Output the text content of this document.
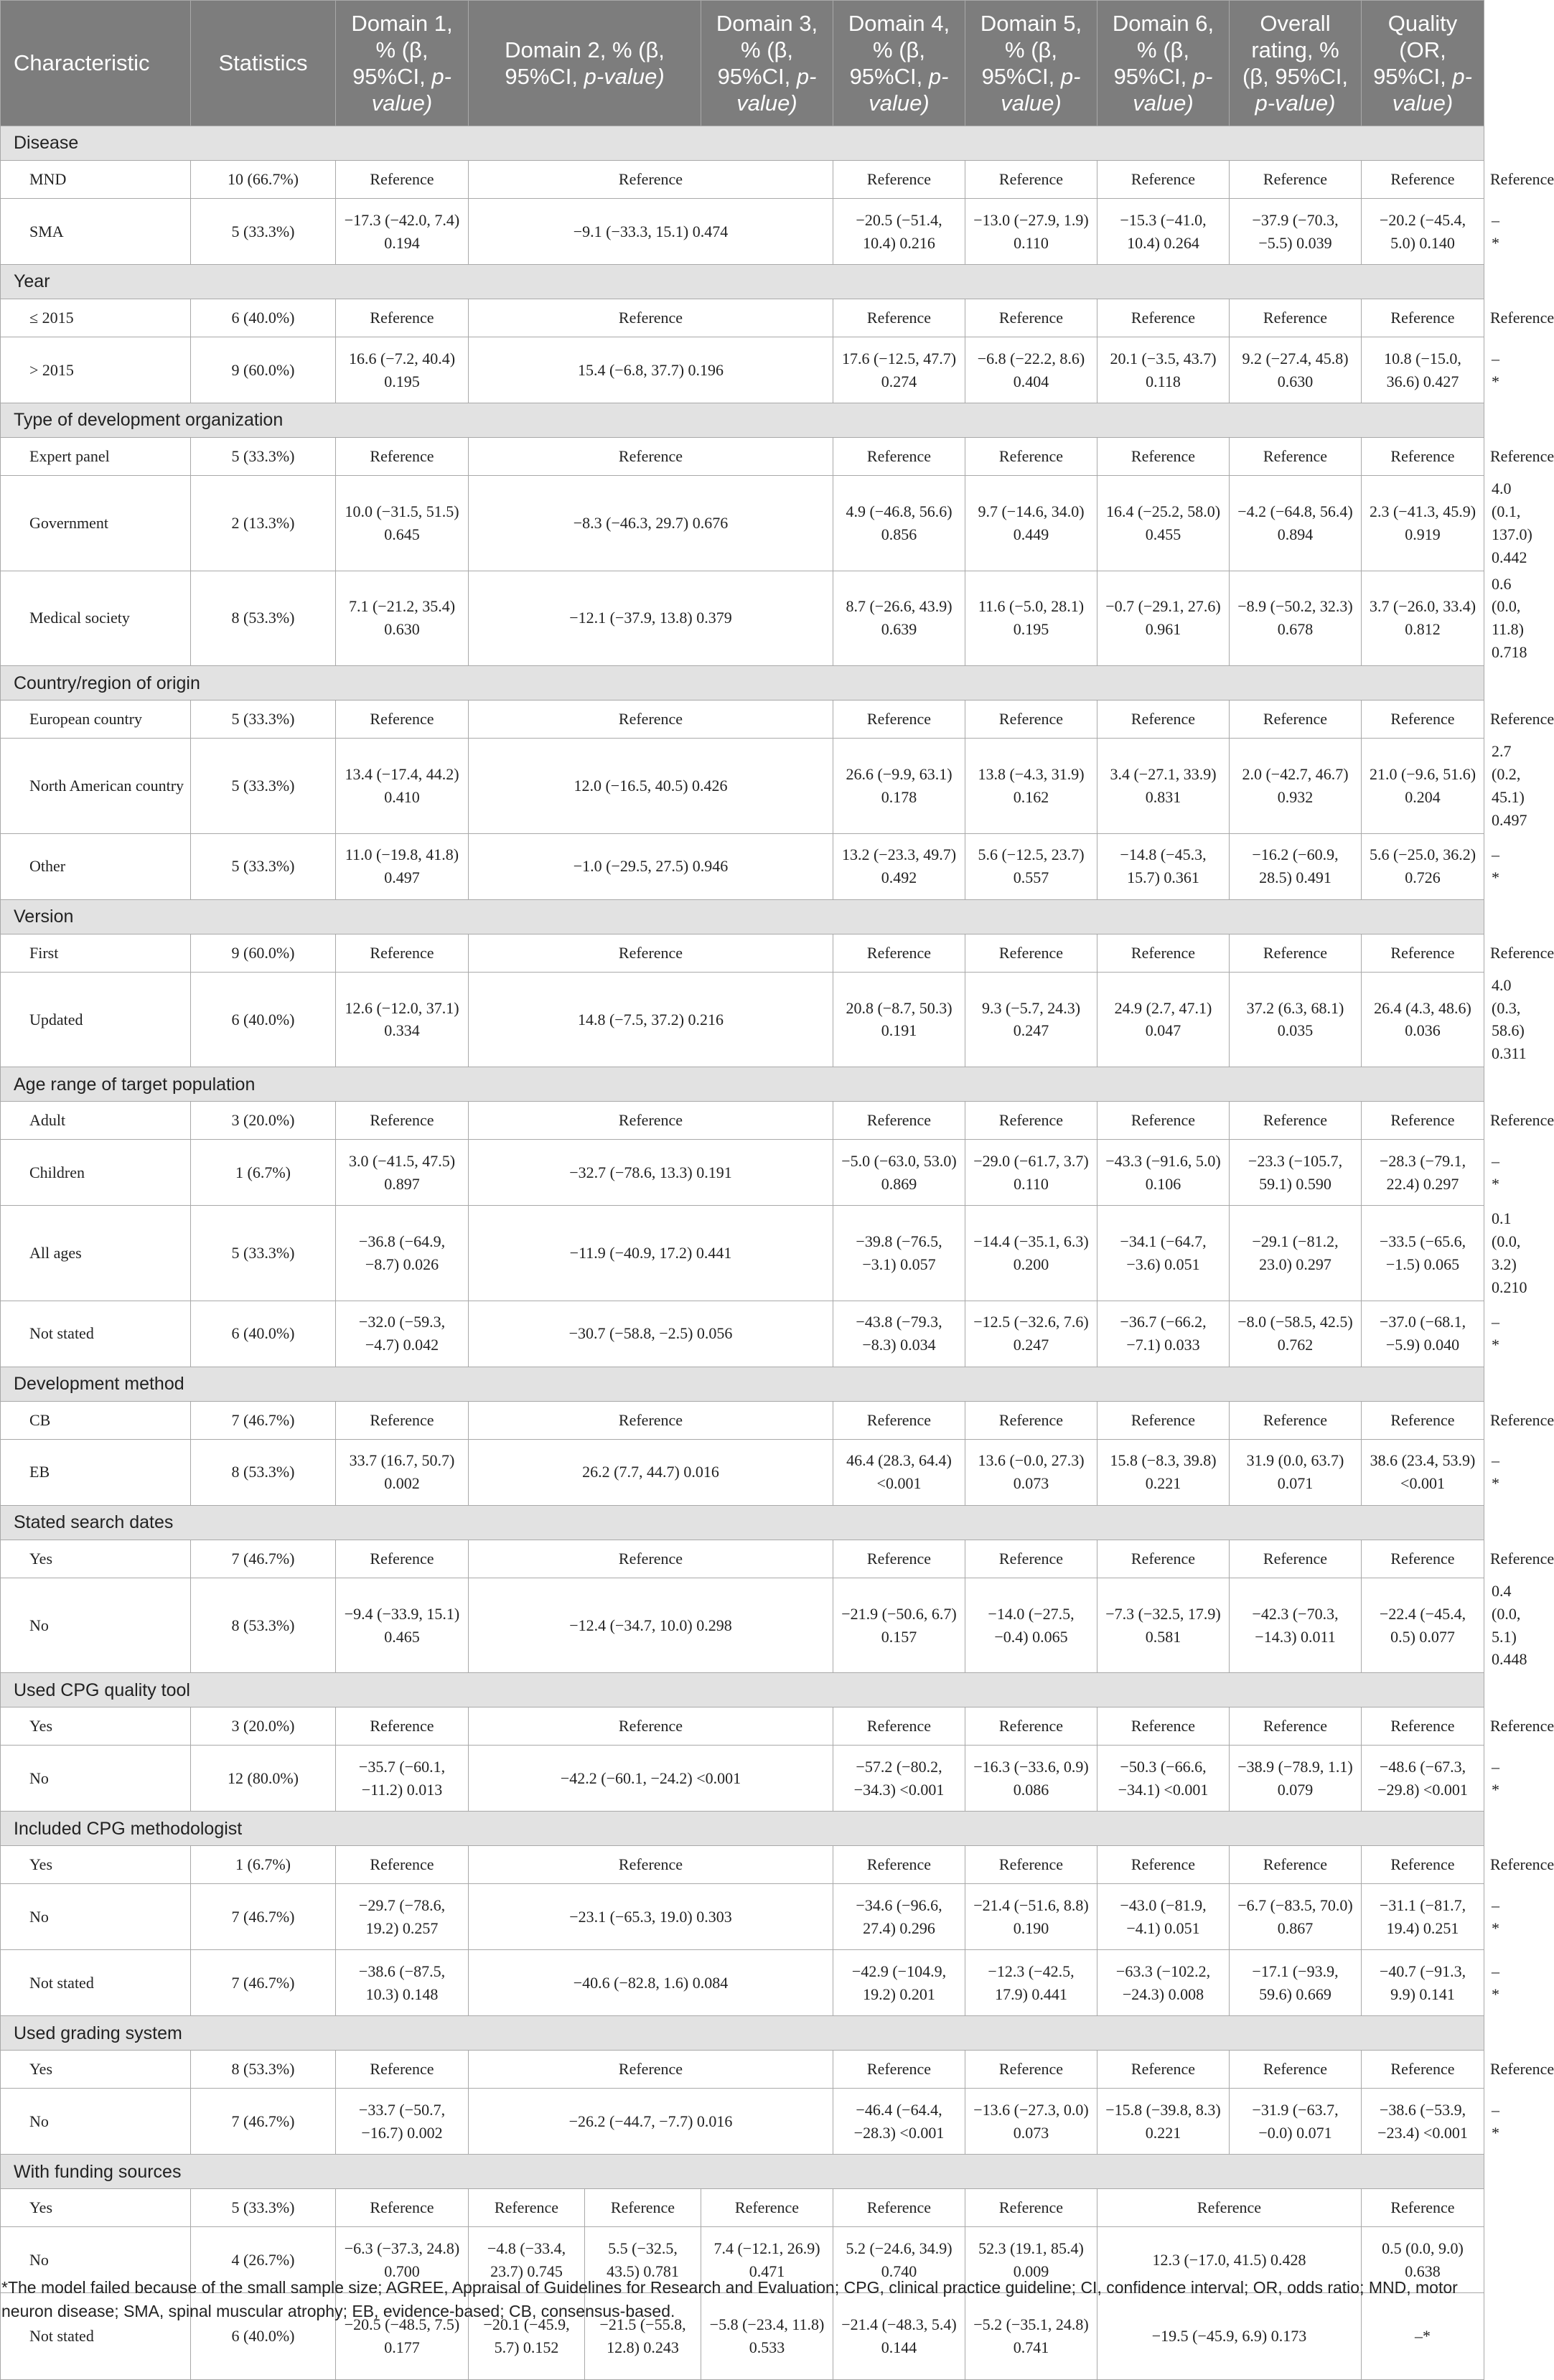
Characteristic	Statistics	Domain 1, % (β, 95%CI, p-value)	Domain 2, % (β, 95%CI, p-value)		Domain 3, % (β, 95%CI, p-value)	Domain 4, % (β, 95%CI, p-value)	Domain 5, % (β, 95%CI, p-value)	Domain 6, % (β, 95%CI, p-value)	Overall rating, % (β, 95%CI, p-value)	Quality (OR, 95%CI, p-value)	
Disease											
MND	10 (66.7%)	Reference	Reference			Reference	Reference	Reference	Reference	Reference	Reference
SMA	5 (33.3%)	−17.3 (−42.0, 7.4) 0.194	−9.1 (−33.3, 15.1) 0.474			−20.5 (−51.4, 10.4) 0.216	−13.0 (−27.9, 1.9) 0.110	−15.3 (−41.0, 10.4) 0.264	−37.9 (−70.3, −5.5) 0.039	−20.2 (−45.4, 5.0) 0.140	–*
Year											
≤ 2015	6 (40.0%)	Reference	Reference			Reference	Reference	Reference	Reference	Reference	Reference
> 2015	9 (60.0%)	16.6 (−7.2, 40.4) 0.195	15.4 (−6.8, 37.7) 0.196			17.6 (−12.5, 47.7) 0.274	−6.8 (−22.2, 8.6) 0.404	20.1 (−3.5, 43.7) 0.118	9.2 (−27.4, 45.8) 0.630	10.8 (−15.0, 36.6) 0.427	–*
Type of development organization											
Expert panel	5 (33.3%)	Reference	Reference			Reference	Reference	Reference	Reference	Reference	Reference
Government	2 (13.3%)	10.0 (−31.5, 51.5) 0.645	−8.3 (−46.3, 29.7) 0.676			4.9 (−46.8, 56.6) 0.856	9.7 (−14.6, 34.0) 0.449	16.4 (−25.2, 58.0) 0.455	−4.2 (−64.8, 56.4) 0.894	2.3 (−41.3, 45.9) 0.919	4.0 (0.1, 137.0) 0.442
Medical society	8 (53.3%)	7.1 (−21.2, 35.4) 0.630	−12.1 (−37.9, 13.8) 0.379			8.7 (−26.6, 43.9) 0.639	11.6 (−5.0, 28.1) 0.195	−0.7 (−29.1, 27.6) 0.961	−8.9 (−50.2, 32.3) 0.678	3.7 (−26.0, 33.4) 0.812	0.6 (0.0, 11.8) 0.718
Country/region of origin											
European country	5 (33.3%)	Reference	Reference			Reference	Reference	Reference	Reference	Reference	Reference
North American country	5 (33.3%)	13.4 (−17.4, 44.2) 0.410	12.0 (−16.5, 40.5) 0.426			26.6 (−9.9, 63.1) 0.178	13.8 (−4.3, 31.9) 0.162	3.4 (−27.1, 33.9) 0.831	2.0 (−42.7, 46.7) 0.932	21.0 (−9.6, 51.6) 0.204	2.7 (0.2, 45.1) 0.497
Other	5 (33.3%)	11.0 (−19.8, 41.8) 0.497	−1.0 (−29.5, 27.5) 0.946			13.2 (−23.3, 49.7) 0.492	5.6 (−12.5, 23.7) 0.557	−14.8 (−45.3, 15.7) 0.361	−16.2 (−60.9, 28.5) 0.491	5.6 (−25.0, 36.2) 0.726	–*
Version											
First	9 (60.0%)	Reference	Reference			Reference	Reference	Reference	Reference	Reference	Reference
Updated	6 (40.0%)	12.6 (−12.0, 37.1) 0.334	14.8 (−7.5, 37.2) 0.216			20.8 (−8.7, 50.3) 0.191	9.3 (−5.7, 24.3) 0.247	24.9 (2.7, 47.1) 0.047	37.2 (6.3, 68.1) 0.035	26.4 (4.3, 48.6) 0.036	4.0 (0.3, 58.6) 0.311
Age range of target population											
Adult	3 (20.0%)	Reference	Reference			Reference	Reference	Reference	Reference	Reference	Reference
Children	1 (6.7%)	3.0 (−41.5, 47.5) 0.897	−32.7 (−78.6, 13.3) 0.191			−5.0 (−63.0, 53.0) 0.869	−29.0 (−61.7, 3.7) 0.110	−43.3 (−91.6, 5.0) 0.106	−23.3 (−105.7, 59.1) 0.590	−28.3 (−79.1, 22.4) 0.297	–*
All ages	5 (33.3%)	−36.8 (−64.9, −8.7) 0.026	−11.9 (−40.9, 17.2) 0.441			−39.8 (−76.5, −3.1) 0.057	−14.4 (−35.1, 6.3) 0.200	−34.1 (−64.7, −3.6) 0.051	−29.1 (−81.2, 23.0) 0.297	−33.5 (−65.6, −1.5) 0.065	0.1 (0.0, 3.2) 0.210
Not stated	6 (40.0%)	−32.0 (−59.3, −4.7) 0.042	−30.7 (−58.8, −2.5) 0.056			−43.8 (−79.3, −8.3) 0.034	−12.5 (−32.6, 7.6) 0.247	−36.7 (−66.2, −7.1) 0.033	−8.0 (−58.5, 42.5) 0.762	−37.0 (−68.1, −5.9) 0.040	–*
Development method											
CB	7 (46.7%)	Reference	Reference			Reference	Reference	Reference	Reference	Reference	Reference
EB	8 (53.3%)	33.7 (16.7, 50.7) 0.002	26.2 (7.7, 44.7) 0.016			46.4 (28.3, 64.4) <0.001	13.6 (−0.0, 27.3) 0.073	15.8 (−8.3, 39.8) 0.221	31.9 (0.0, 63.7) 0.071	38.6 (23.4, 53.9) <0.001	–*
Stated search dates											
Yes	7 (46.7%)	Reference	Reference			Reference	Reference	Reference	Reference	Reference	Reference
No	8 (53.3%)	−9.4 (−33.9, 15.1) 0.465	−12.4 (−34.7, 10.0) 0.298			−21.9 (−50.6, 6.7) 0.157	−14.0 (−27.5, −0.4) 0.065	−7.3 (−32.5, 17.9) 0.581	−42.3 (−70.3, −14.3) 0.011	−22.4 (−45.4, 0.5) 0.077	0.4 (0.0, 5.1) 0.448
Used CPG quality tool											
Yes	3 (20.0%)	Reference	Reference			Reference	Reference	Reference	Reference	Reference	Reference
No	12 (80.0%)	−35.7 (−60.1, −11.2) 0.013	−42.2 (−60.1, −24.2) <0.001			−57.2 (−80.2, −34.3) <0.001	−16.3 (−33.6, 0.9) 0.086	−50.3 (−66.6, −34.1) <0.001	−38.9 (−78.9, 1.1) 0.079	−48.6 (−67.3, −29.8) <0.001	–*
Included CPG methodologist											
Yes	1 (6.7%)	Reference	Reference			Reference	Reference	Reference	Reference	Reference	Reference
No	7 (46.7%)	−29.7 (−78.6, 19.2) 0.257	−23.1 (−65.3, 19.0) 0.303			−34.6 (−96.6, 27.4) 0.296	−21.4 (−51.6, 8.8) 0.190	−43.0 (−81.9, −4.1) 0.051	−6.7 (−83.5, 70.0) 0.867	−31.1 (−81.7, 19.4) 0.251	–*
Not stated	7 (46.7%)	−38.6 (−87.5, 10.3) 0.148	−40.6 (−82.8, 1.6) 0.084			−42.9 (−104.9, 19.2) 0.201	−12.3 (−42.5, 17.9) 0.441	−63.3 (−102.2, −24.3) 0.008	−17.1 (−93.9, 59.6) 0.669	−40.7 (−91.3, 9.9) 0.141	–*
Used grading system											
Yes	8 (53.3%)	Reference	Reference			Reference	Reference	Reference	Reference	Reference	Reference
No	7 (46.7%)	−33.7 (−50.7, −16.7) 0.002	−26.2 (−44.7, −7.7) 0.016			−46.4 (−64.4, −28.3) <0.001	−13.6 (−27.3, 0.0) 0.073	−15.8 (−39.8, 8.3) 0.221	−31.9 (−63.7, −0.0) 0.071	−38.6 (−53.9, −23.4) <0.001	–*
With funding sources											
Yes	5 (33.3%)	Reference	Reference	Reference	Reference	Reference	Reference	Reference		Reference	
No	4 (26.7%)	−6.3 (−37.3, 24.8) 0.700	−4.8 (−33.4, 23.7) 0.745	5.5 (−32.5, 43.5) 0.781	7.4 (−12.1, 26.9) 0.471	5.2 (−24.6, 34.9) 0.740	52.3 (19.1, 85.4) 0.009	12.3 (−17.0, 41.5) 0.428		0.5 (0.0, 9.0) 0.638	
Not stated	6 (40.0%)	−20.5 (−48.5, 7.5) 0.177	−20.1 (−45.9, 5.7) 0.152	−21.5 (−55.8, 12.8) 0.243	−5.8 (−23.4, 11.8) 0.533	−21.4 (−48.3, 5.4) 0.144	−5.2 (−35.1, 24.8) 0.741	−19.5 (−45.9, 6.9) 0.173		–*	
*The model failed because of the small sample size; AGREE, Appraisal of Guidelines for Research and Evaluation; CPG, clinical practice guideline; CI, confidence interval; OR, odds ratio; MND, motor neuron disease; SMA, spinal muscular atrophy; EB, evidence-based; CB, consensus-based.
